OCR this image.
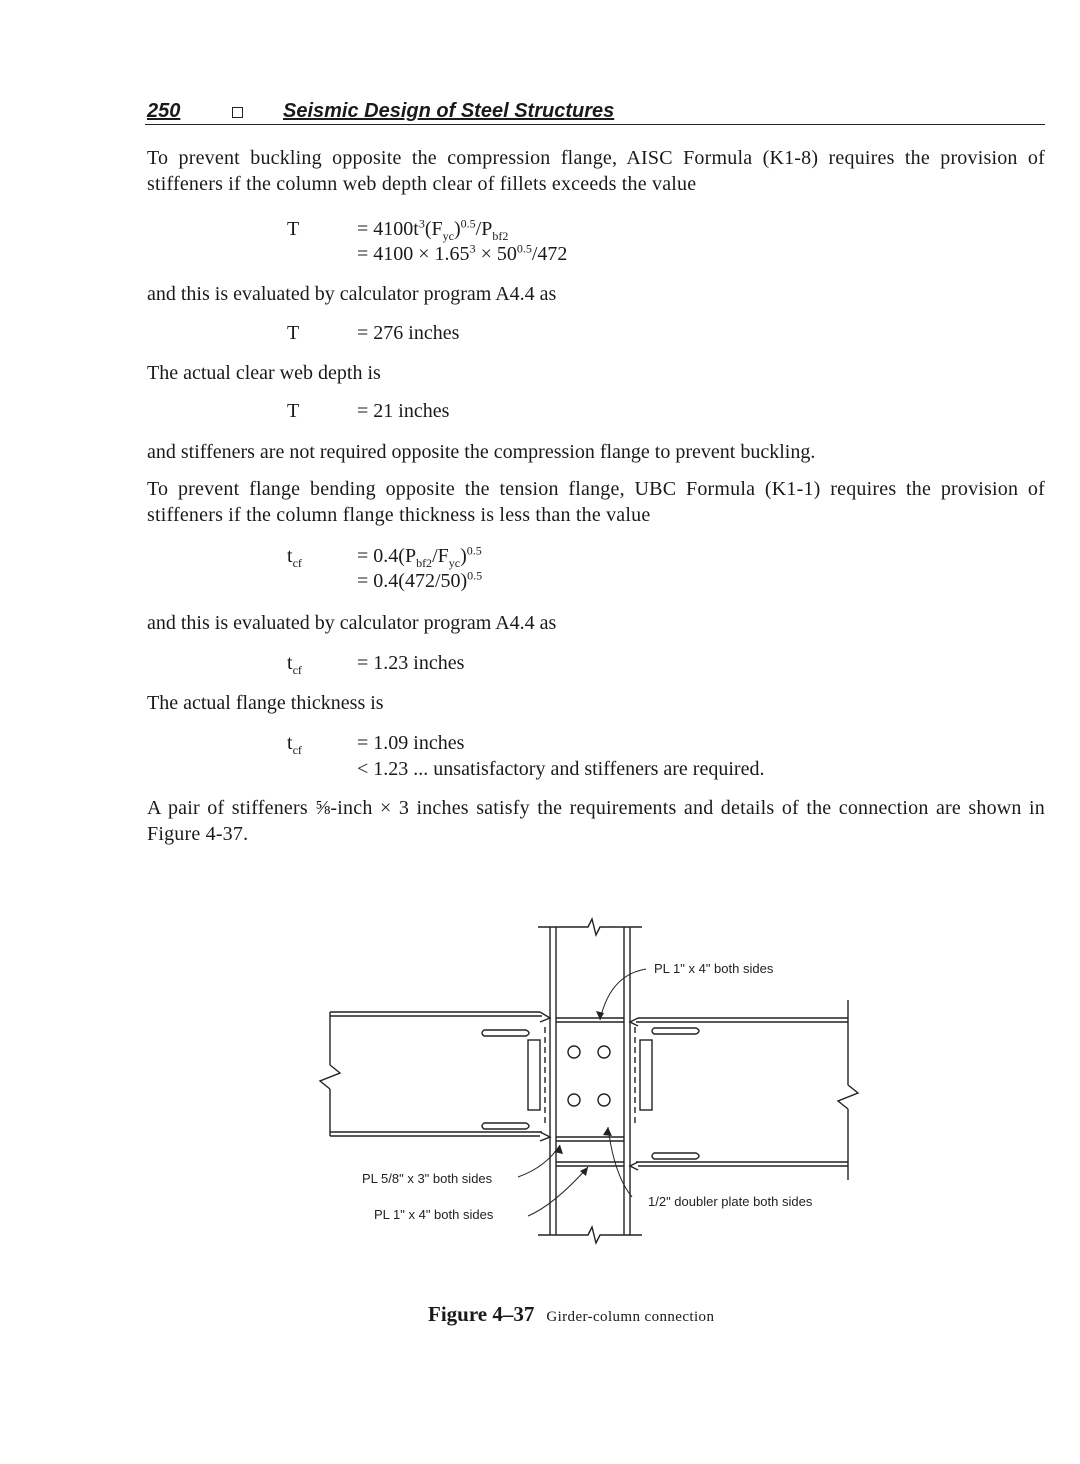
250	Seismic Design of Steel Structures
To prevent buckling opposite the compression flange, AISC Formula (K1-8) requires the provision of stiffeners if the column web depth clear of fillets exceeds the value
T	= $4100t^3(F_{yc})^{0.5}/P_{bf2}$
= $4100 \times 1.65^3 \times 50^{0.5}/472$
and this is evaluated by calculator program A4.4 as
T	= 276 inches
The actual clear web depth is
T	= 21 inches
and stiffeners are not required opposite the compression flange to prevent buckling.
To prevent flange bending opposite the tension flange, UBC Formula (K1-1) requires the provision of stiffeners if the column flange thickness is less than the value
$t_{cf}$	= $0.4(P_{bf2}/F_{yc})^{0.5}$
= $0.4(472/50)^{0.5}$
and this is evaluated by calculator program A4.4 as
$t_{cf}$	= 1.23 inches
The actual flange thickness is
$t_{cf}$	= 1.09 inches
< 1.23 ... unsatisfactory and stiffeners are required.
A pair of stiffeners ⅝-inch × 3 inches satisfy the requirements and details of the connection are shown in Figure 4-37.
PL 1" x 4" both sides
PL 5/8" x 3" both sides
PL 1" x 4" both sides
1/2" doubler plate both sides
Figure 4–37 Girder-column connection
